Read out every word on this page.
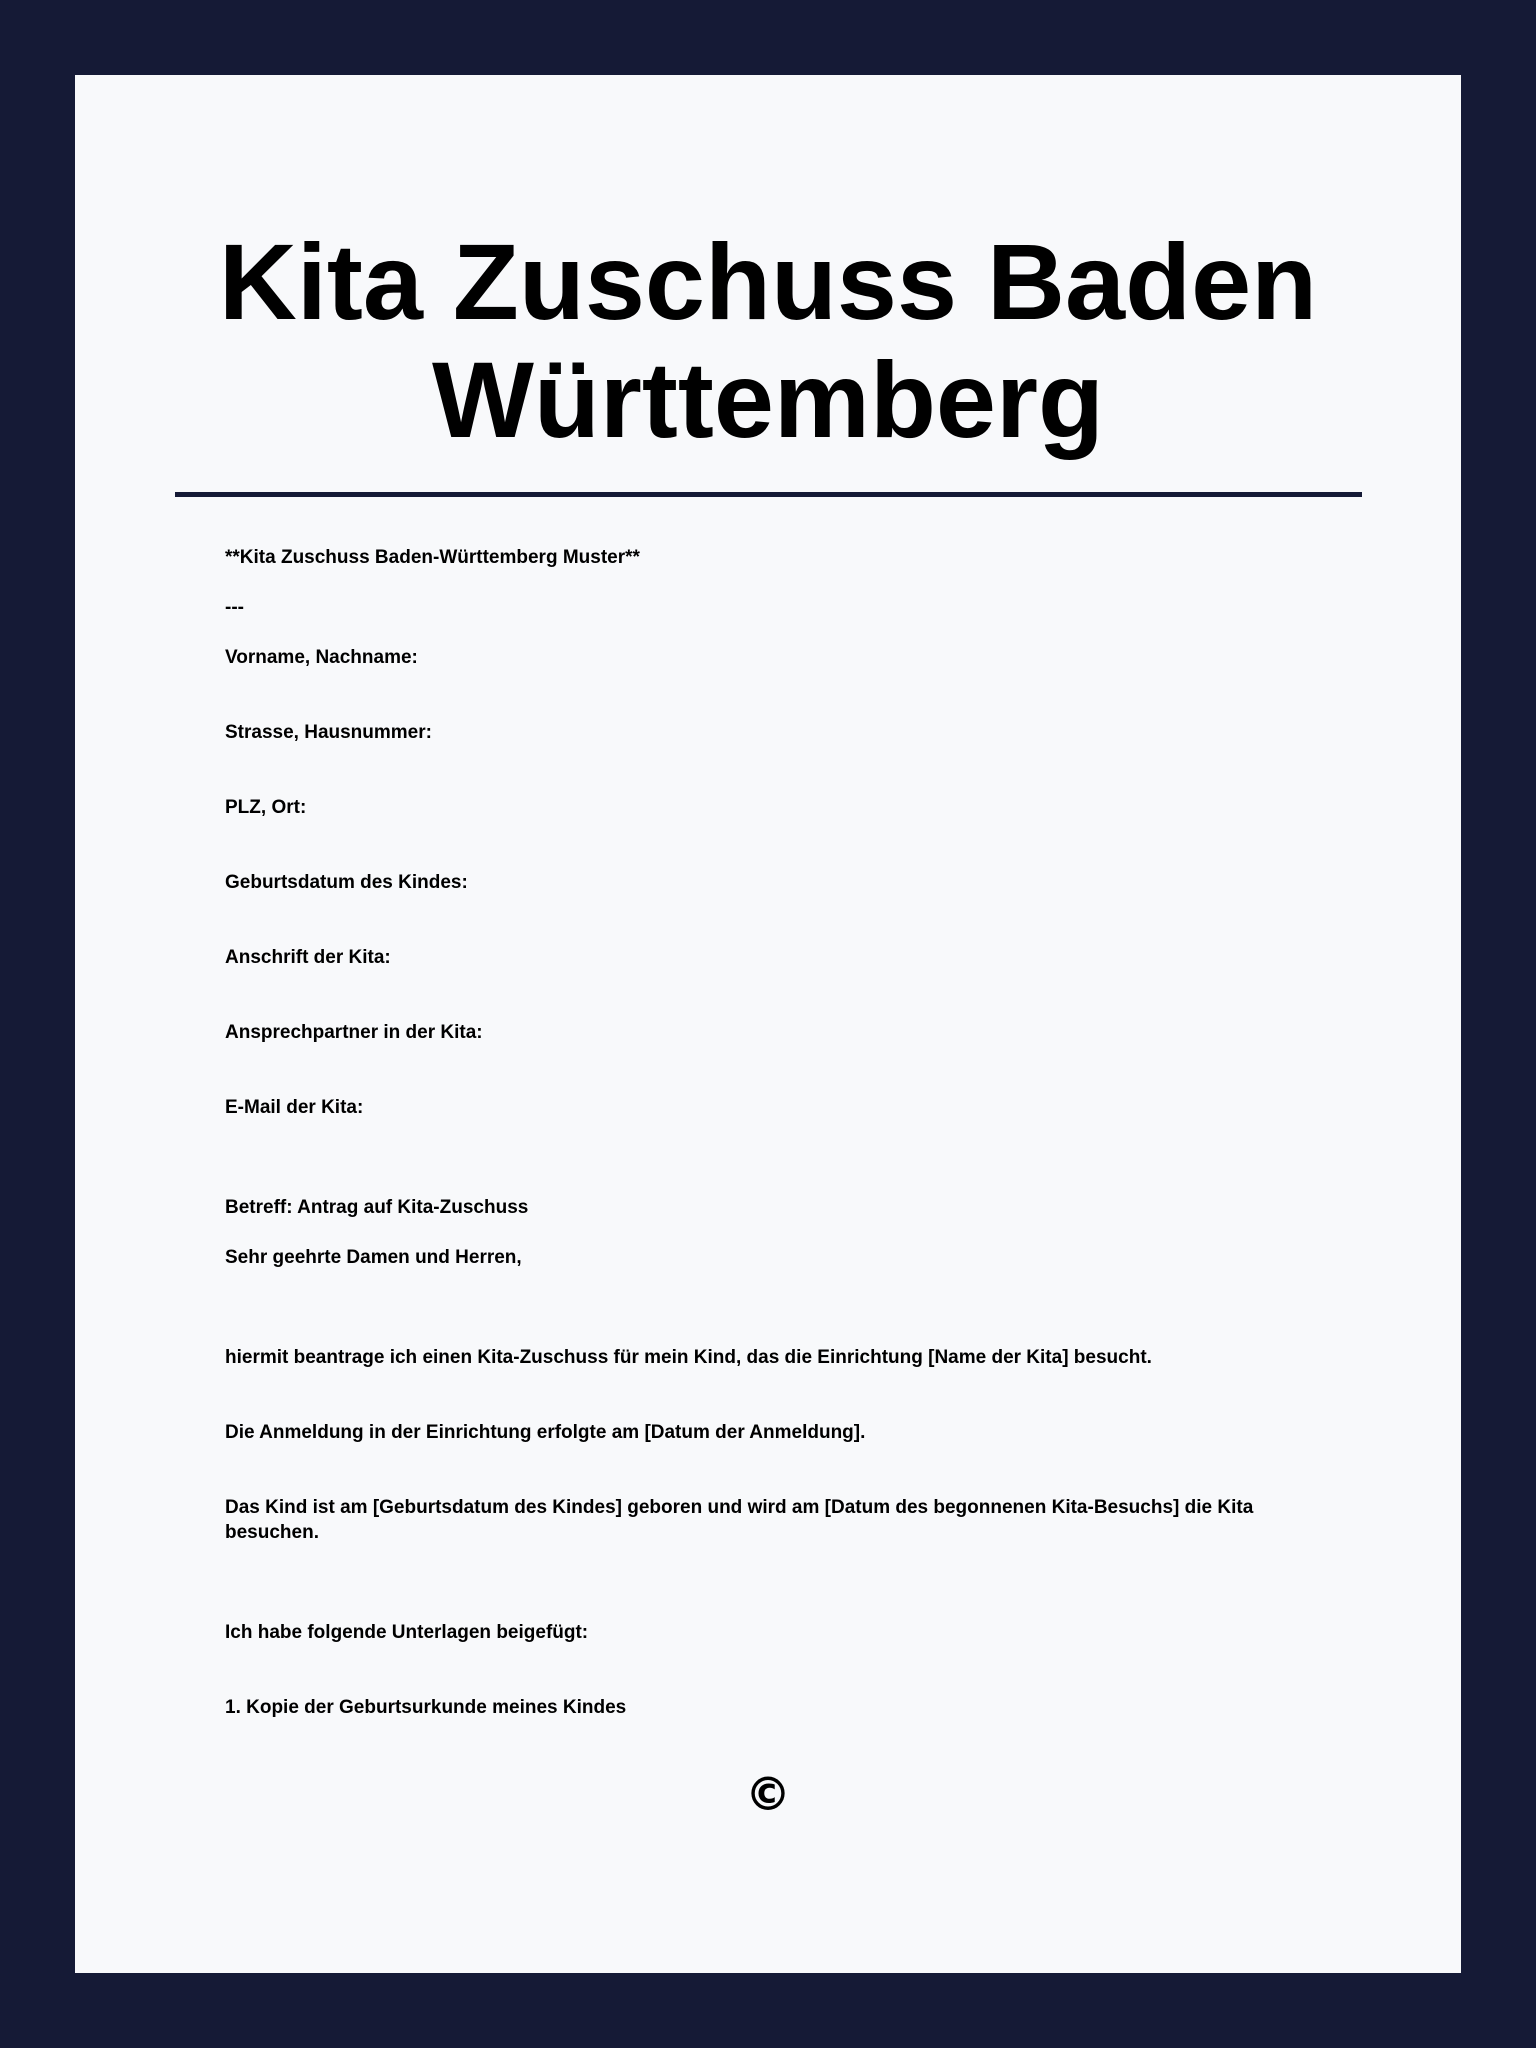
Kita Zuschuss Baden Württemberg

**Kita Zuschuss Baden-Württemberg Muster**

---

Vorname, Nachname:

Strasse, Hausnummer:

PLZ, Ort:

Geburtsdatum des Kindes:

Anschrift der Kita:

Ansprechpartner in der Kita:

E-Mail der Kita:

Betreff: Antrag auf Kita-Zuschuss

Sehr geehrte Damen und Herren,

hiermit beantrage ich einen Kita-Zuschuss für mein Kind, das die Einrichtung [Name der Kita] besucht.

Die Anmeldung in der Einrichtung erfolgte am [Datum der Anmeldung].

Das Kind ist am [Geburtsdatum des Kindes] geboren und wird am [Datum des begonnenen Kita-Besuchs] die Kita besuchen.

Ich habe folgende Unterlagen beigefügt:

1. Kopie der Geburtsurkunde meines Kindes

©
